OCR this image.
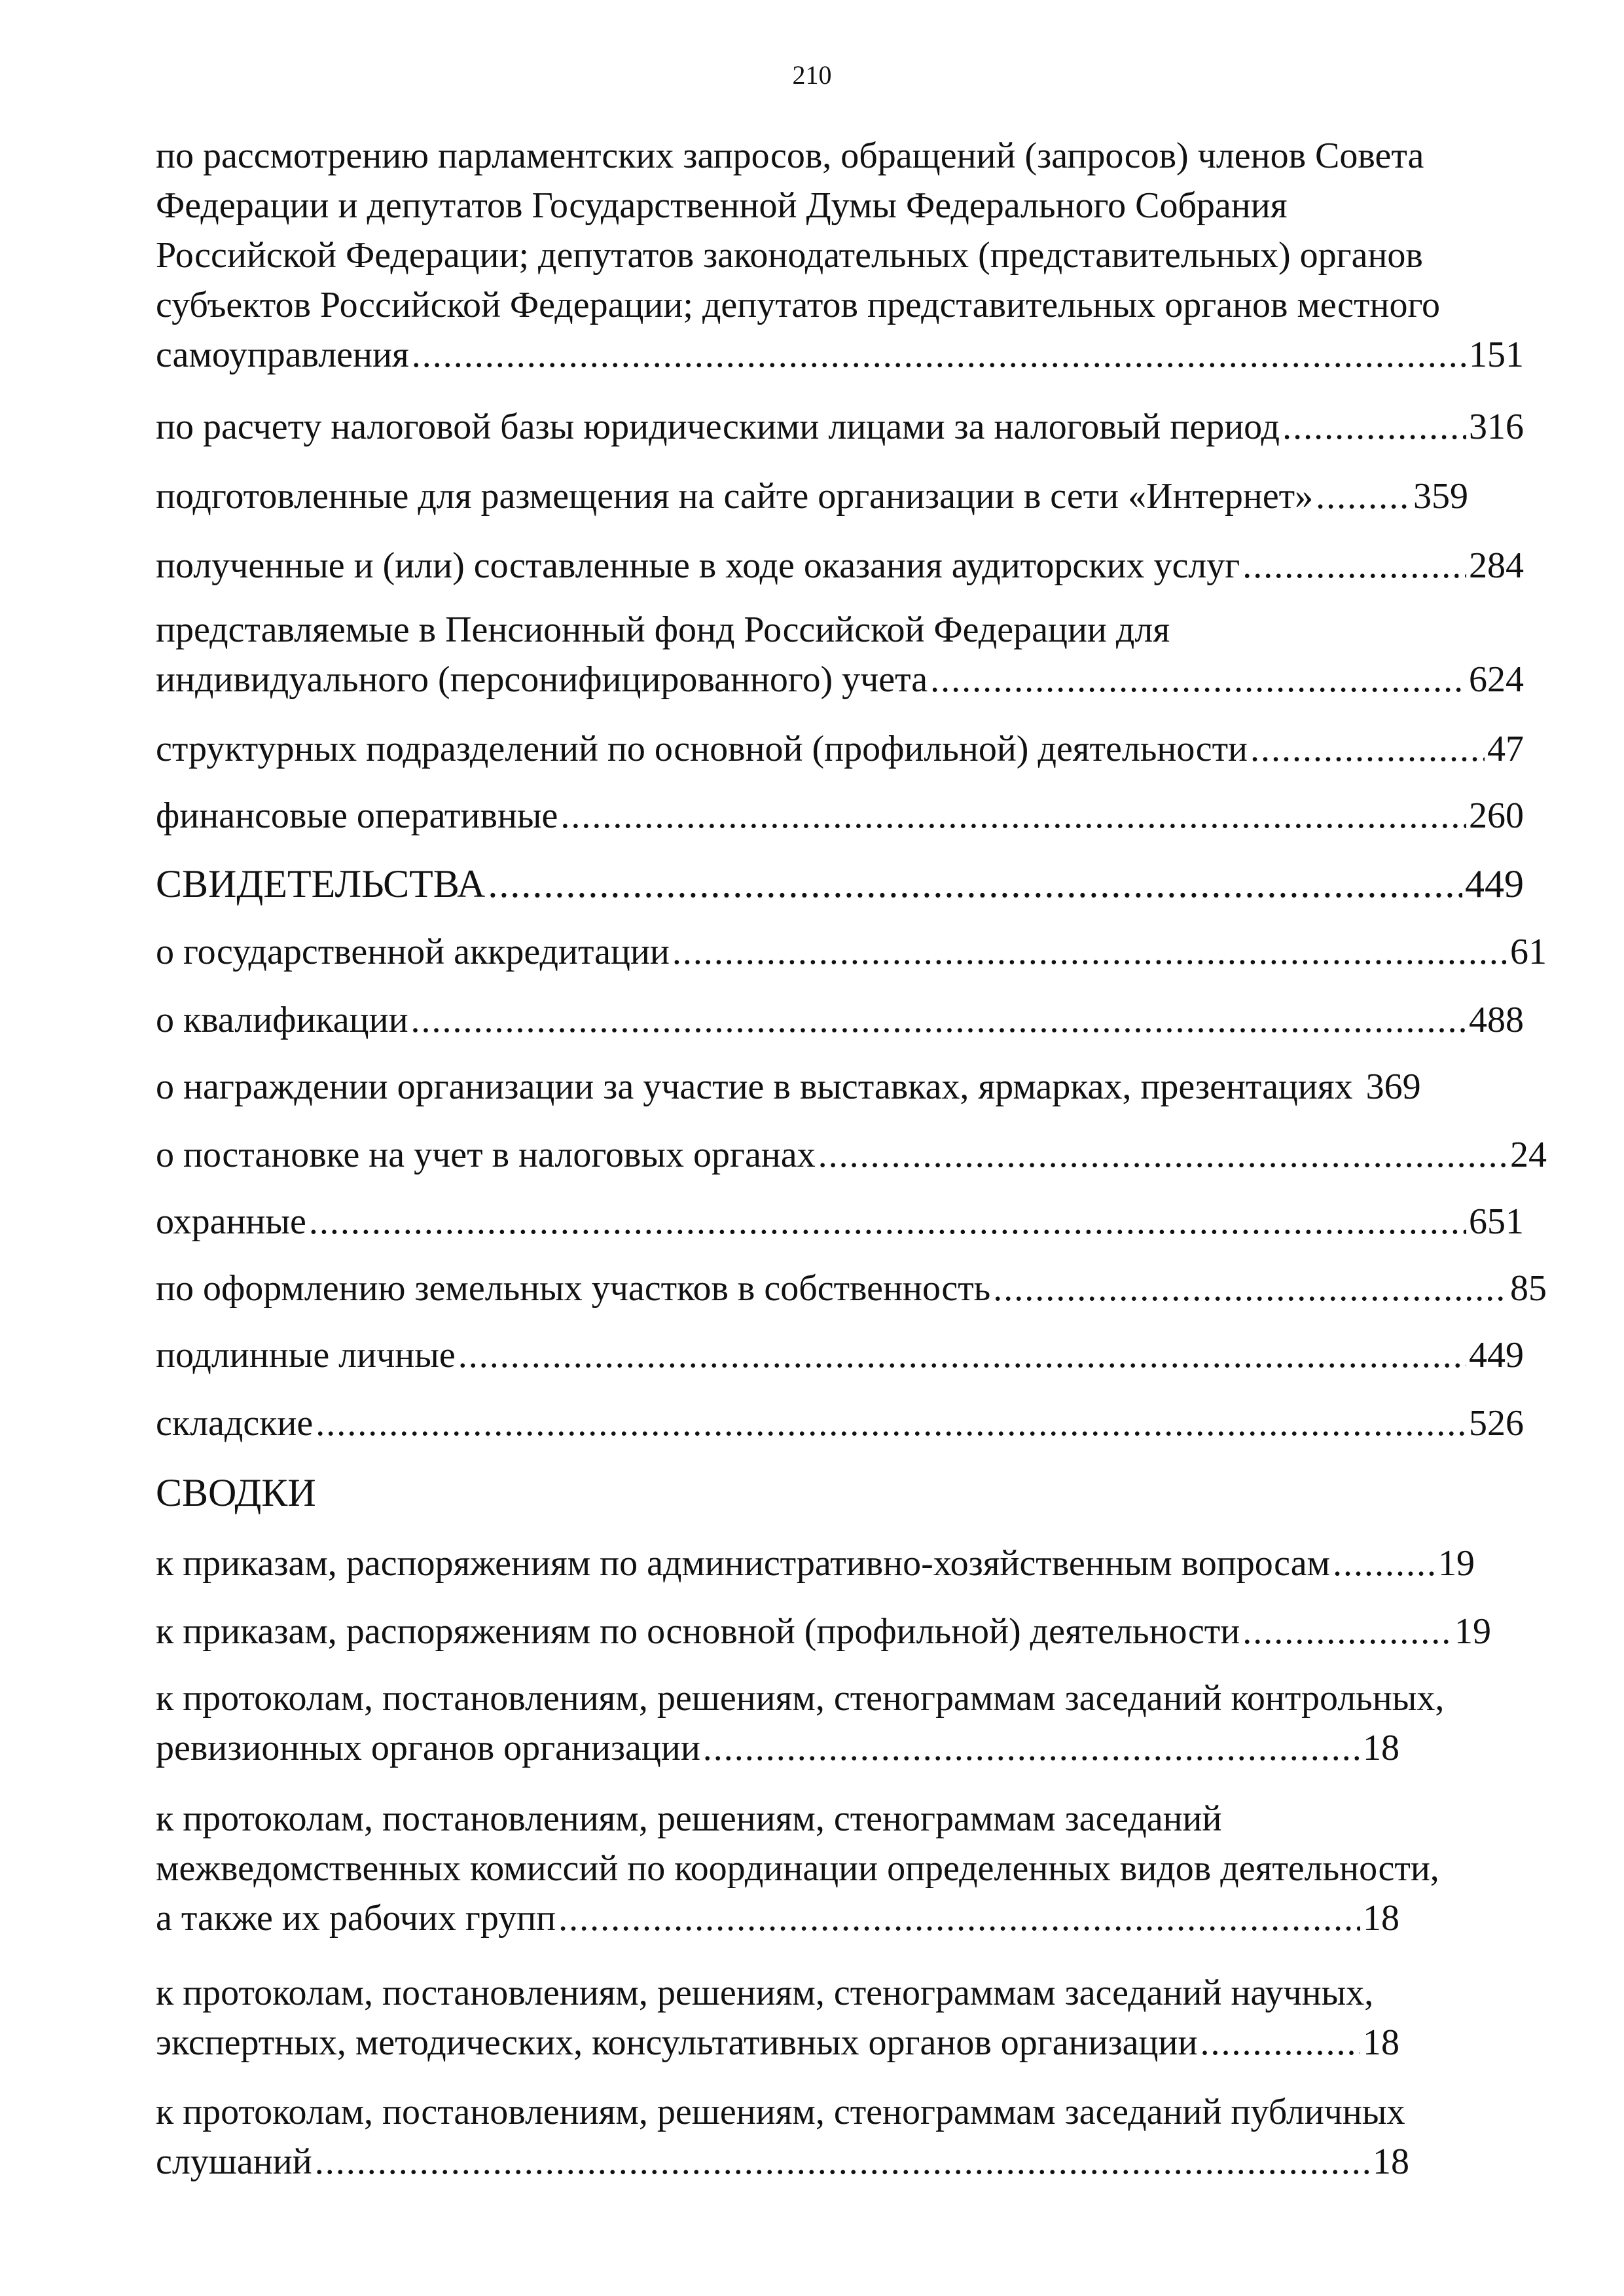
210
по рассмотрению парламентских запросов, обращений (запросов) членов Совета
Федерации и депутатов Государственной Думы Федерального Собрания
Российской Федерации; депутатов законодательных (представительных) органов
субъектов Российской Федерации; депутатов представительных органов местного
самоуправления .....	151
по расчету налоговой базы юридическими лицами за налоговый период .....	316
подготовленные для размещения на сайте организации в сети «Интернет» .....	359
полученные и (или) составленные в ходе оказания аудиторских услуг .....	284
представляемые в Пенсионный фонд Российской Федерации для
индивидуального (персонифицированного) учета .....	624
структурных подразделений по основной (профильной) деятельности .....	47
финансовые оперативные .....	260
СВИДЕТЕЛЬСТВА .....	449
о государственной аккредитации .....	61
о квалификации .....	488
о награждении организации за участие в выставках, ярмарках, презентациях 369
о постановке на учет в налоговых органах .....	24
охранные .....	651
по оформлению земельных участков в собственность .....	85
подлинные личные .....	449
складские .....	526
СВОДКИ
к приказам, распоряжениям по административно-хозяйственным вопросам .....	19
к приказам, распоряжениям по основной (профильной) деятельности .....	19
к протоколам, постановлениям, решениям, стенограммам заседаний контрольных,
ревизионных органов организации .....	18
к протоколам, постановлениям, решениям, стенограммам заседаний
межведомственных комиссий по координации определенных видов деятельности,
а также их рабочих групп .....	18
к протоколам, постановлениям, решениям, стенограммам заседаний научных,
экспертных, методических, консультативных органов организации .....	18
к протоколам, постановлениям, решениям, стенограммам заседаний публичных
слушаний .....	18
